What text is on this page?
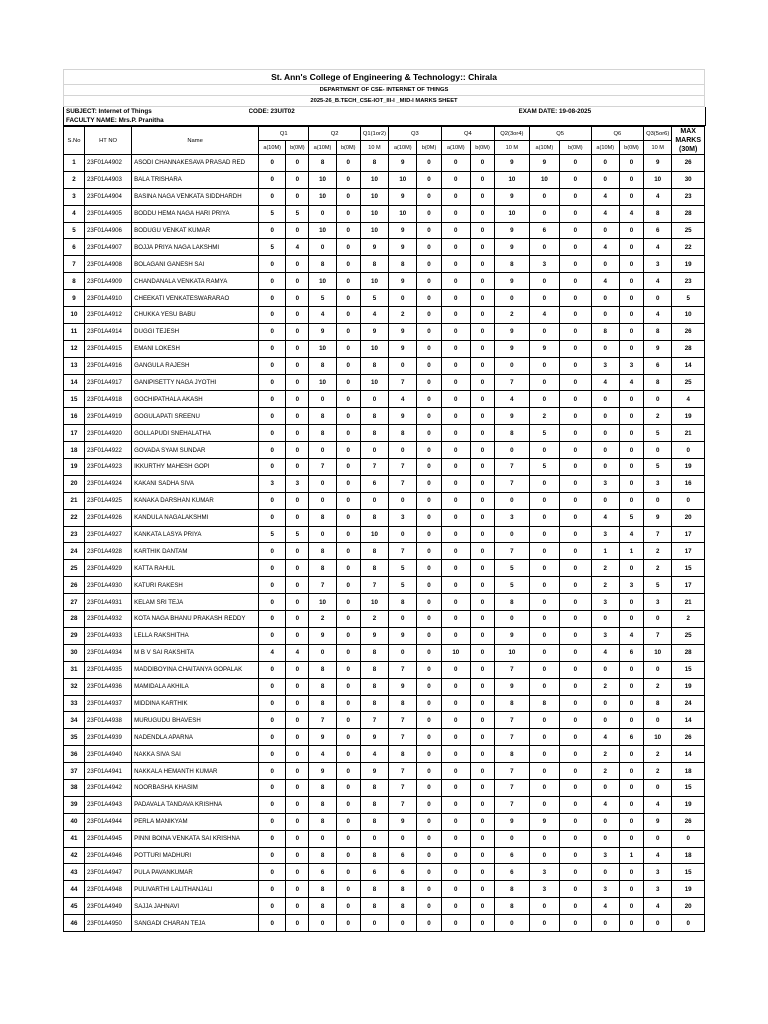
St. Ann's College of Engineering & Technology:: Chirala
DEPARTMENT OF CSE- INTERNET OF THINGS
2025-26_B.TECH_CSE-IOT_III-I _MID-I MARKS SHEET
SUBJECT: Internet of Things	CODE: 23UIT02	EXAM DATE: 19-08-2025
FACULTY NAME: Mrs.P. Pranitha		
S.No	HT NO	Name	Q1		Q2		Q1(1or2)	Q3		Q4		Q2(3or4)	Q5		Q6		Q3(5or6)	MAX
MARKS
(30M)
			a(10M)	b(0M)	a(10M)	b(0M)	10 M	a(10M)	b(0M)	a(10M)	b(0M)	10 M	a(10M)	b(0M)	a(10M)	b(0M)	10 M	
1	23F01A4902	ASODI CHANNAKESAVA PRASAD RED	0	0	8	0	8	9	0	0	0	9	9	0	0	0	9	26
2	23F01A4903	BALA TRISHARA	0	0	10	0	10	10	0	0	0	10	10	0	0	0	10	30
3	23F01A4904	BASINA NAGA VENKATA SIDDHARDH	0	0	10	0	10	9	0	0	0	9	0	0	4	0	4	23
4	23F01A4905	BODDU HEMA NAGA HARI PRIYA	5	5	0	0	10	10	0	0	0	10	0	0	4	4	8	28
5	23F01A4906	BODUGU VENKAT KUMAR	0	0	10	0	10	9	0	0	0	9	6	0	0	0	6	25
6	23F01A4907	BOJJA PRIYA NAGA LAKSHMI	5	4	0	0	9	9	0	0	0	9	0	0	4	0	4	22
7	23F01A4908	BOLAGANI GANESH SAI	0	0	8	0	8	8	0	0	0	8	3	0	0	0	3	19
8	23F01A4909	CHANDANALA VENKATA RAMYA	0	0	10	0	10	9	0	0	0	9	0	0	4	0	4	23
9	23F01A4910	CHEEKATI VENKATESWARARAO	0	0	5	0	5	0	0	0	0	0	0	0	0	0	0	5
10	23F01A4912	CHUKKA YESU BABU	0	0	4	0	4	2	0	0	0	2	4	0	0	0	4	10
11	23F01A4914	DUGGI TEJESH	0	0	9	0	9	9	0	0	0	9	0	0	8	0	8	26
12	23F01A4915	EMANI LOKESH	0	0	10	0	10	9	0	0	0	9	9	0	0	0	9	28
13	23F01A4916	GANGULA RAJESH	0	0	8	0	8	0	0	0	0	0	0	0	3	3	6	14
14	23F01A4917	GANIPISETTY NAGA JYOTHI	0	0	10	0	10	7	0	0	0	7	0	0	4	4	8	25
15	23F01A4918	GOCHIPATHALA AKASH	0	0	0	0	0	4	0	0	0	4	0	0	0	0	0	4
16	23F01A4919	GOGULAPATI SREENU	0	0	8	0	8	9	0	0	0	9	2	0	0	0	2	19
17	23F01A4920	GOLLAPUDI SNEHALATHA	0	0	8	0	8	8	0	0	0	8	5	0	0	0	5	21
18	23F01A4922	GOVADA SYAM SUNDAR	0	0	0	0	0	0	0	0	0	0	0	0	0	0	0	0
19	23F01A4923	IKKURTHY MAHESH GOPI	0	0	7	0	7	7	0	0	0	7	5	0	0	0	5	19
20	23F01A4924	KAKANI SADHA SIVA	3	3	0	0	6	7	0	0	0	7	0	0	3	0	3	16
21	23F01A4925	KANAKA DARSHAN KUMAR	0	0	0	0	0	0	0	0	0	0	0	0	0	0	0	0
22	23F01A4926	KANDULA NAGALAKSHMI	0	0	8	0	8	3	0	0	0	3	0	0	4	5	9	20
23	23F01A4927	KANKATA LASYA PRIYA	5	5	0	0	10	0	0	0	0	0	0	0	3	4	7	17
24	23F01A4928	KARTHIK DANTAM	0	0	8	0	8	7	0	0	0	7	0	0	1	1	2	17
25	23F01A4929	KATTA RAHUL	0	0	8	0	8	5	0	0	0	5	0	0	2	0	2	15
26	23F01A4930	KATURI RAKESH	0	0	7	0	7	5	0	0	0	5	0	0	2	3	5	17
27	23F01A4931	KELAM SRI TEJA	0	0	10	0	10	8	0	0	0	8	0	0	3	0	3	21
28	23F01A4932	KOTA NAGA BHANU PRAKASH REDDY	0	0	2	0	2	0	0	0	0	0	0	0	0	0	0	2
29	23F01A4933	LELLA RAKSHITHA	0	0	9	0	9	9	0	0	0	9	0	0	3	4	7	25
30	23F01A4934	M B V SAI RAKSHITA	4	4	0	0	8	0	0	10	0	10	0	0	4	6	10	28
31	23F01A4935	MADDIBOYINA CHAITANYA GOPALAK	0	0	8	0	8	7	0	0	0	7	0	0	0	0	0	15
32	23F01A4936	MAMIDALA AKHILA	0	0	8	0	8	9	0	0	0	9	0	0	2	0	2	19
33	23F01A4937	MIDDINA KARTHIK	0	0	8	0	8	8	0	0	0	8	8	0	0	0	8	24
34	23F01A4938	MURUGUDU BHAVESH	0	0	7	0	7	7	0	0	0	7	0	0	0	0	0	14
35	23F01A4939	NADENDLA APARNA	0	0	9	0	9	7	0	0	0	7	0	0	4	6	10	26
36	23F01A4940	NAKKA SIVA SAI	0	0	4	0	4	8	0	0	0	8	0	0	2	0	2	14
37	23F01A4941	NAKKALA HEMANTH KUMAR	0	0	9	0	9	7	0	0	0	7	0	0	2	0	2	18
38	23F01A4942	NOORBASHA KHASIM	0	0	8	0	8	7	0	0	0	7	0	0	0	0	0	15
39	23F01A4943	PADAVALA TANDAVA KRISHNA	0	0	8	0	8	7	0	0	0	7	0	0	4	0	4	19
40	23F01A4944	PERLA MANIKYAM	0	0	8	0	8	9	0	0	0	9	9	0	0	0	9	26
41	23F01A4945	PINNI BOINA VENKATA SAI KRISHNA	0	0	0	0	0	0	0	0	0	0	0	0	0	0	0	0
42	23F01A4946	POTTURI MADHURI	0	0	8	0	8	6	0	0	0	6	0	0	3	1	4	18
43	23F01A4947	PULA PAVANKUMAR	0	0	6	0	6	6	0	0	0	6	3	0	0	0	3	15
44	23F01A4948	PULIVARTHI LALITHANJALI	0	0	8	0	8	8	0	0	0	8	3	0	3	0	3	19
45	23F01A4949	SAJJA JAHNAVI	0	0	8	0	8	8	0	0	0	8	0	0	4	0	4	20
46	23F01A4950	SANGADI CHARAN TEJA	0	0	0	0	0	0	0	0	0	0	0	0	0	0	0	0
